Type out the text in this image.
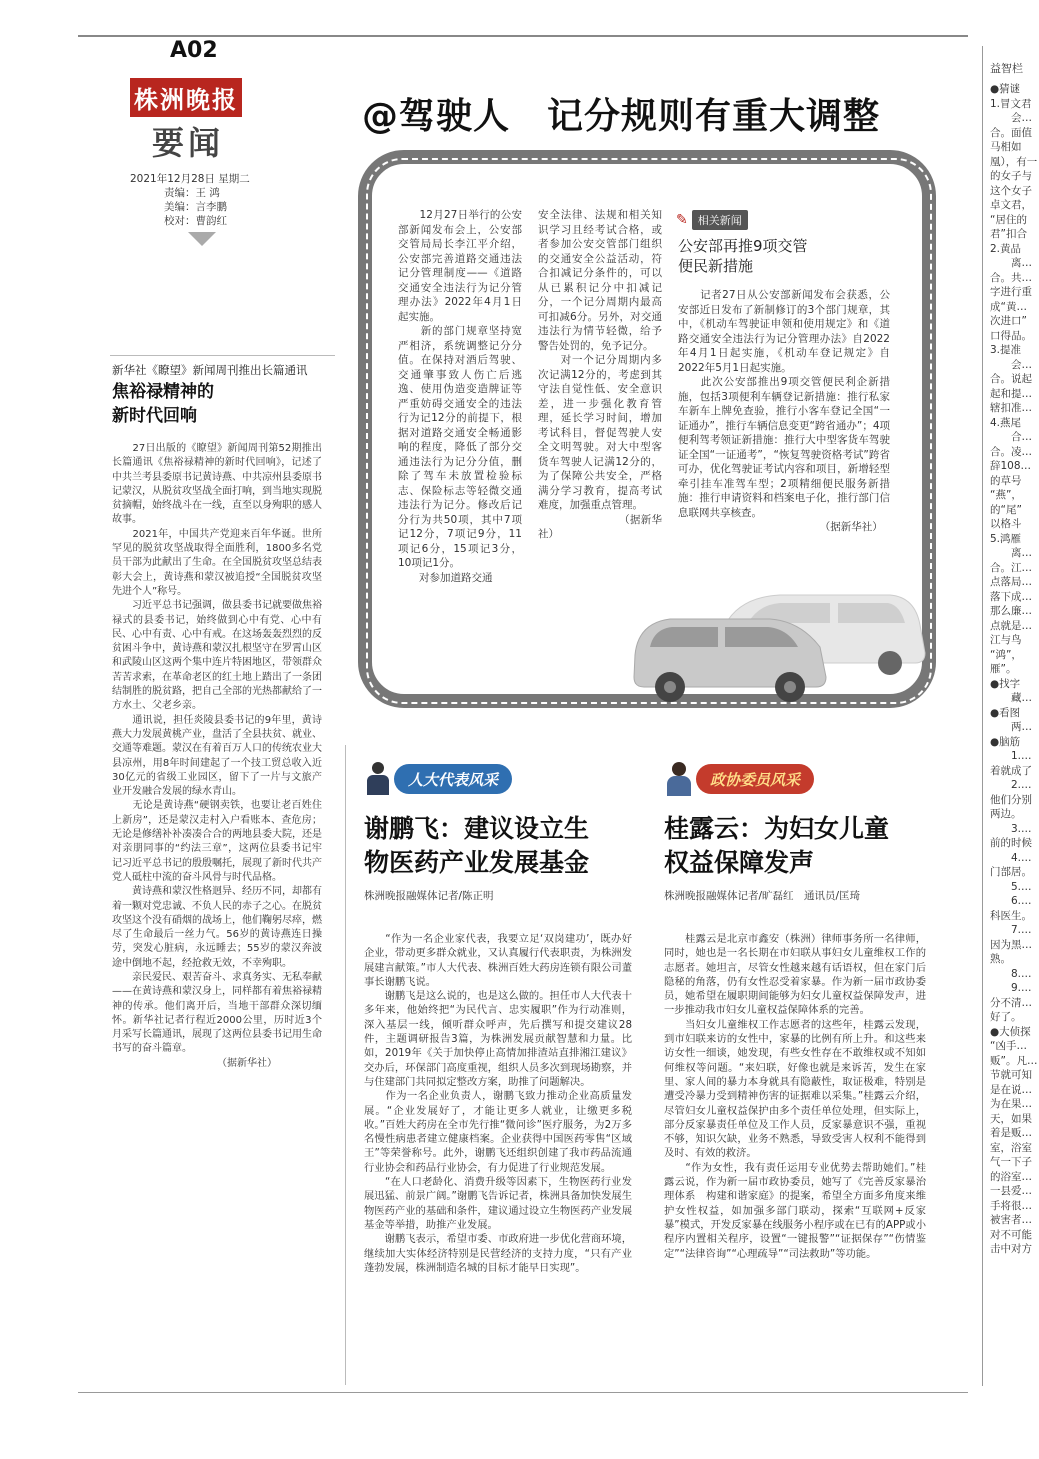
A02
株洲晚报
要闻
2021年12月28日 星期二
责编：王 鸿
美编：言李鹏
校对：曹韵红
@驾驶人　记分规则有重大调整
　　12月27日举行的公安部新闻发布会上，公安部交管局局长李江平介绍，公安部完善道路交通违法记分管理制度——《道路交通安全违法行为记分管理办法》2022年4月1日起实施。
　　新的部门规章坚持宽严相济，系统调整记分分值。在保持对酒后驾驶、交通肇事致人伤亡后逃逸、使用伪造变造牌证等严重妨碍交通安全的违法行为记12分的前提下，根据对道路交通安全畅通影响的程度，降低了部分交通违法行为记分分值，删除了驾车未放置检验标志、保险标志等轻微交通违法行为记分。修改后记分行为共50项，其中7项记12分，7项记9分，11项记6分，15项记3分，10项记1分。
　　对参加道路交通
安全法律、法规和相关知识学习且经考试合格，或者参加公安交管部门组织的交通安全公益活动，符合扣减记分条件的，可以从已累积记分中扣减记分，一个记分周期内最高可扣减6分。另外，对交通违法行为情节轻微，给予警告处罚的，免予记分。
　　对一个记分周期内多次记满12分的，考虑到其守法自觉性低、安全意识差，进一步强化教育管理，延长学习时间，增加考试科目，督促驾驶人安全文明驾驶。对大中型客货车驾驶人记满12分的，为了保障公共安全，严格满分学习教育，提高考试难度，加强重点管理。
　　　　　　　　（据新华社）
✎ 相关新闻
公安部再推9项交管
便民新措施
　　记者27日从公安部新闻发布会获悉，公安部近日发布了新制修订的3个部门规章，其中，《机动车驾驶证申领和使用规定》和《道路交通安全违法行为记分管理办法》自2022年4月1日起实施，《机动车登记规定》自2022年5月1日起实施。
　　此次公安部推出9项交管便民利企新措施，包括3项便利车辆登记新措施：推行私家车新车上牌免查验，推行小客车登记全国“一证通办”，推行车辆信息变更“跨省通办”；4项便利驾考领证新措施：推行大中型客货车驾驶证全国“一证通考”，“恢复驾驶资格考试”跨省可办，优化驾驶证考试内容和项目，新增轻型牵引挂车准驾车型；2项精细便民服务新措施：推行申请资料和档案电子化，推行部门信息联网共享核查。
　　　　　　　　　　　　　　（据新华社）
新华社《瞭望》新闻周刊推出长篇通讯
焦裕禄精神的
新时代回响
　　27日出版的《瞭望》新闻周刊第52期推出长篇通讯《焦裕禄精神的新时代回响》，记述了中共兰考县委原书记黄诗燕、中共凉州县委原书记蒙汉，从脱贫攻坚战全面打响，到当地实现脱贫摘帽，始终战斗在一线，直至以身殉职的感人故事。
　　2021年，中国共产党迎来百年华诞。世所罕见的脱贫攻坚战取得全面胜利，1800多名党员干部为此献出了生命。在全国脱贫攻坚总结表彰大会上，黄诗燕和蒙汉被追授“全国脱贫攻坚先进个人”称号。
　　习近平总书记强调，做县委书记就要做焦裕禄式的县委书记，始终做到心中有党、心中有民、心中有责、心中有戒。在这场轰轰烈烈的反贫困斗争中，黄诗燕和蒙汉扎根坚守在罗霄山区和武陵山区这两个集中连片特困地区，带领群众苦苦求索，在革命老区的红土地上踏出了一条团结制胜的脱贫路，把自己全部的光热都献给了一方水土、父老乡亲。
　　通讯说，担任炎陵县委书记的9年里，黄诗燕大力发展黄桃产业，盘活了全县扶贫、就业、交通等难题。蒙汉在有着百万人口的传统农业大县凉州，用8年时间建起了一个技工贸总收入近30亿元的省级工业园区，留下了一片与文旅产业开发融合发展的绿水青山。
　　无论是黄诗燕“硬钢卖铁，也要让老百姓住上新房”，还是蒙汉走村入户看账本、查危房；无论是修缮补补凑凑合合的两地县委大院，还是对亲朋同事的“约法三章”，这两位县委书记牢记习近平总书记的殷殷嘱托，展现了新时代共产党人砥柱中流的奋斗风骨与时代品格。
　　黄诗燕和蒙汉性格迥异、经历不同，却都有着一颗对党忠诚、不负人民的赤子之心。在脱贫攻坚这个没有硝烟的战场上，他们鞠躬尽瘁，燃尽了生命最后一丝力气。56岁的黄诗燕连日操劳，突发心脏病，永远睡去；55岁的蒙汉奔波途中倒地不起，经抢救无效，不幸殉职。
　　亲民爱民、艰苦奋斗、求真务实、无私奉献——在黄诗燕和蒙汉身上，同样都有着焦裕禄精神的传承。他们离开后，当地干部群众深切缅怀。新华社记者行程近2000公里，历时近3个月采写长篇通讯，展现了这两位县委书记用生命书写的奋斗篇章。
　　　　　　　　　　　（据新华社）
人大代表风采
谢鹏飞：建议设立生
物医药产业发展基金
株洲晚报融媒体记者/陈正明
　　“作为一名企业家代表，我要立足‘双岗建功’，既办好企业，带动更多群众就业，又认真履行代表职责，为株洲发展建言献策。”市人大代表、株洲百姓大药房连锁有限公司董事长谢鹏飞说。
　　谢鹏飞是这么说的，也是这么做的。担任市人大代表十多年来，他始终把“为民代言、忠实履职”作为行动准则，深入基层一线，倾听群众呼声，先后撰写和提交建议28件，主题调研报告3篇，为株洲发展贡献智慧和力量。比如，2019年《关于加快停止高情加排渣站直排湘江建议》交办后，环保部门高度重视，组织人员多次到现场勘察，并与住建部门共同拟定整改方案，助推了问题解决。
　　作为一名企业负责人，谢鹏飞致力推动企业高质量发展。“企业发展好了，才能让更多人就业，让缴更多税收。”百姓大药房在全市先行推“微问诊”医疗服务，为2万多名慢性病患者建立健康档案。企业获得中国医药零售“区域王”等荣誉称号。此外，谢鹏飞还组织创建了我市药品流通行业协会和药品行业协会，有力促进了行业规范发展。
　　“在人口老龄化、消费升级等因素下，生物医药行业发展迅猛、前景广阔。”谢鹏飞告诉记者，株洲具备加快发展生物医药产业的基础和条件，建议通过设立生物医药产业发展基金等举措，助推产业发展。
　　谢鹏飞表示，希望市委、市政府进一步优化营商环境，继续加大实体经济特别是民营经济的支持力度，“只有产业蓬勃发展，株洲制造名城的目标才能早日实现”。
政协委员风采
桂露云：为妇女儿童
权益保障发声
株洲晚报融媒体记者/旷磊红　通讯员/匡琦
　　桂露云是北京市鑫安（株洲）律师事务所一名律师，同时，她也是一名长期在市妇联从事妇女儿童维权工作的志愿者。她坦言，尽管女性越来越有话语权，但在家门后隐秘的角落，仍有女性忍受着家暴。作为新一届市政协委员，她希望在履职期间能够为妇女儿童权益保障发声，进一步推动我市妇女儿童权益保障体系的完善。
　　当妇女儿童维权工作志愿者的这些年，桂露云发现，到市妇联来访的女性中，家暴的比例有所上升。和这些来访女性一细谈，她发现，有些女性存在不敢维权或不知如何维权等问题。“来妇联，好像也就是来诉苦，发生在家里、家人间的暴力本身就具有隐蔽性，取证极难，特别是遭受冷暴力受到精神伤害的证据难以采集。”桂露云介绍，尽管妇女儿童权益保护由多个责任单位处理，但实际上，部分反家暴责任单位及工作人员，反家暴意识不强，重视不够，知识欠缺，业务不熟悉，导致受害人权利不能得到及时、有效的救济。
　　“作为女性，我有责任运用专业优势去帮助她们。”桂露云说，作为新一届市政协委员，她写了《完善反家暴治理体系　构建和谐家庭》的提案，希望全方面多角度来维护女性权益，如加强多部门联动，探索“互联网+反家暴”模式，开发反家暴在线服务小程序或在已有的APP或小程序内置相关程序，设置“一键报警”“证据保存”“伤情鉴定”“法律咨询”“心理疏导”“司法救助”等功能。
益智栏
●猜谜
1.冒文君
　　会…
合。面值
马相如
凰），有一
的女子与
这个女子
卓文君，
“居住的
君”扣合
2.黄品
　　离…
合。共…
字进行重
成“黄…
次进口”
口得品。
3.提准
　　会…
合。说起
起和提…
辖扣准…
4.燕尾
　　合…
合。凌…
辞108…
的草号
“燕”，
的“尾”
以格斗
5.鸿雁
　　离…
合。江…
点落局…
落下成…
那么廉…
点就是…
江与鸟
“鸿”，
雁”。
●找字
　　藏…
●看图
　　两…
●脑筋
　　1.…
着就成了
　　2.…
他们分别
两边。
　　3.…
前的时候
　　4.…
门部居。
　　5.…
　　6.…
科医生。
　　7.…
因为黑…
熟。
　　8.…
　　9.…
分不清…
好了。
●大侦探
“凶手…
贩”。凡…
节就可知
是在说…
为在果…
天，如果
着是贩…
室，浴室
气一下子
的浴室…
一县爱…
手将很…
被害者…
对不可能
击中对方
